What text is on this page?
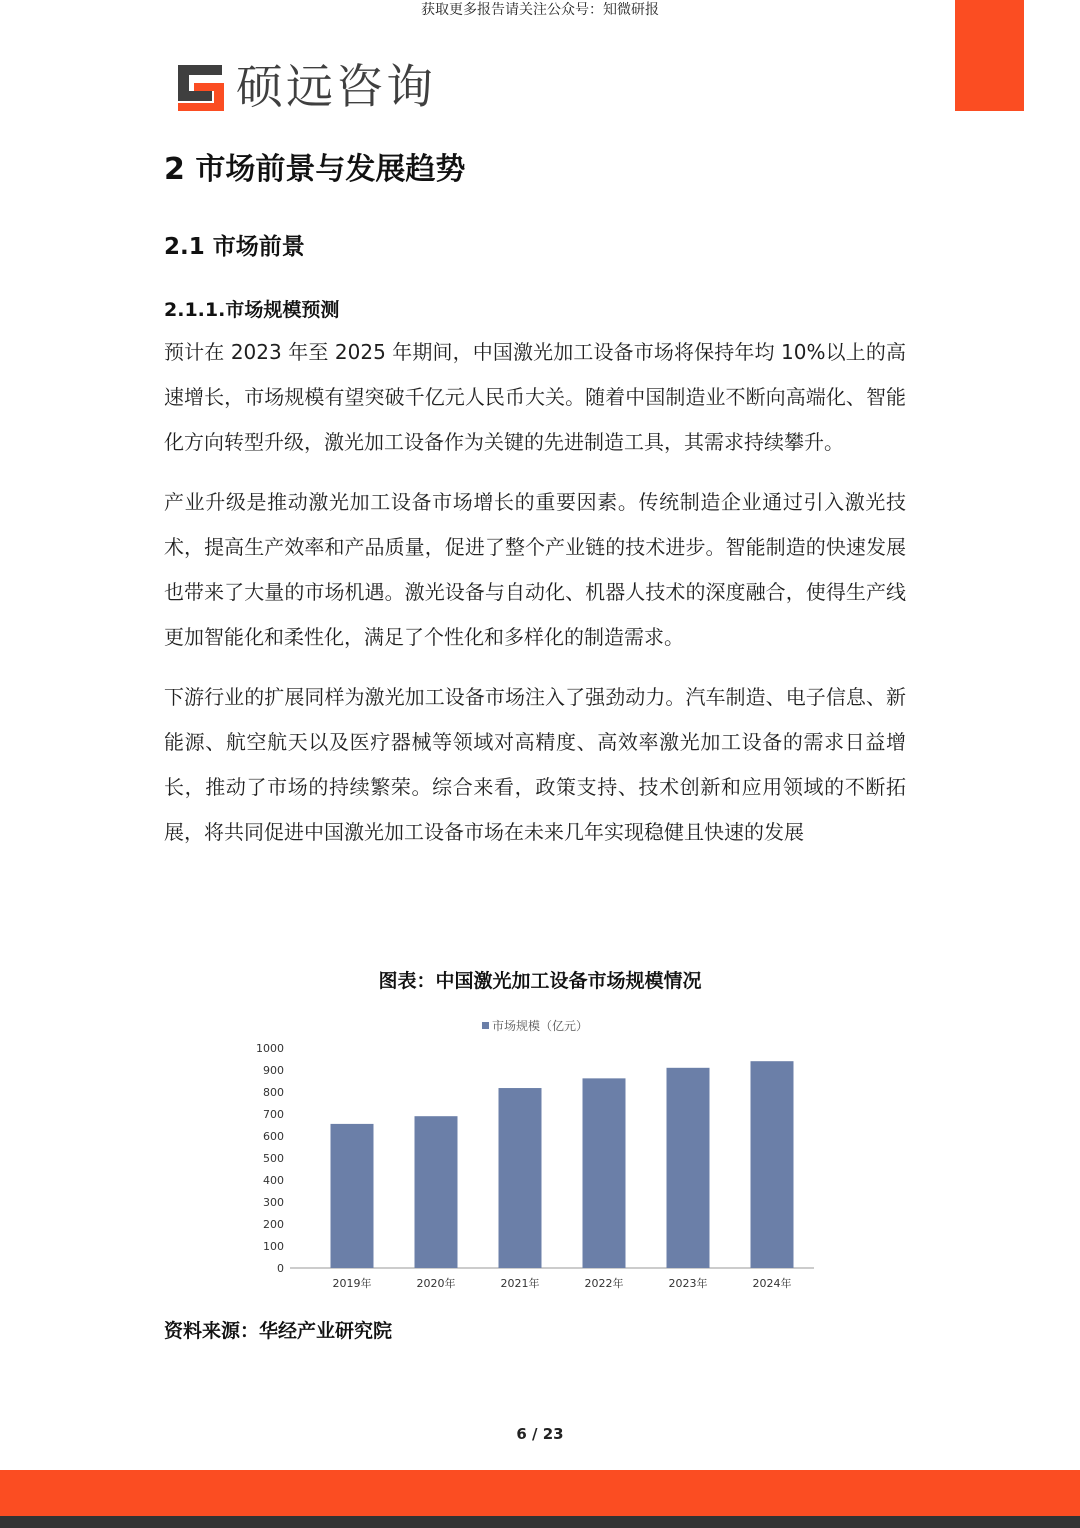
获取更多报告请关注公众号：知微研报
硕远咨询
2 市场前景与发展趋势
2.1 市场前景
2.1.1.市场规模预测

预计在 2023 年至 2025 年期间，中国激光加工设备市场将保持年均 10%以上的高速增长，市场规模有望突破千亿元人民币大关。随着中国制造业不断向高端化、智能化方向转型升级，激光加工设备作为关键的先进制造工具，其需求持续攀升。

产业升级是推动激光加工设备市场增长的重要因素。传统制造企业通过引入激光技术，提高生产效率和产品质量，促进了整个产业链的技术进步。智能制造的快速发展也带来了大量的市场机遇。激光设备与自动化、机器人技术的深度融合，使得生产线更加智能化和柔性化，满足了个性化和多样化的制造需求。

下游行业的扩展同样为激光加工设备市场注入了强劲动力。汽车制造、电子信息、新能源、航空航天以及医疗器械等领域对高精度、高效率激光加工设备的需求日益增长，推动了市场的持续繁荣。综合来看，政策支持、技术创新和应用领域的不断拓展，将共同促进中国激光加工设备市场在未来几年实现稳健且快速的发展

图表：中国激光加工设备市场规模情况
市场规模（亿元）
0
100
200
300
400
500
600
700
800
900
1000
2019年	2020年	2021年	2022年	2023年	2024年
资料来源：华经产业研究院
6 / 23
